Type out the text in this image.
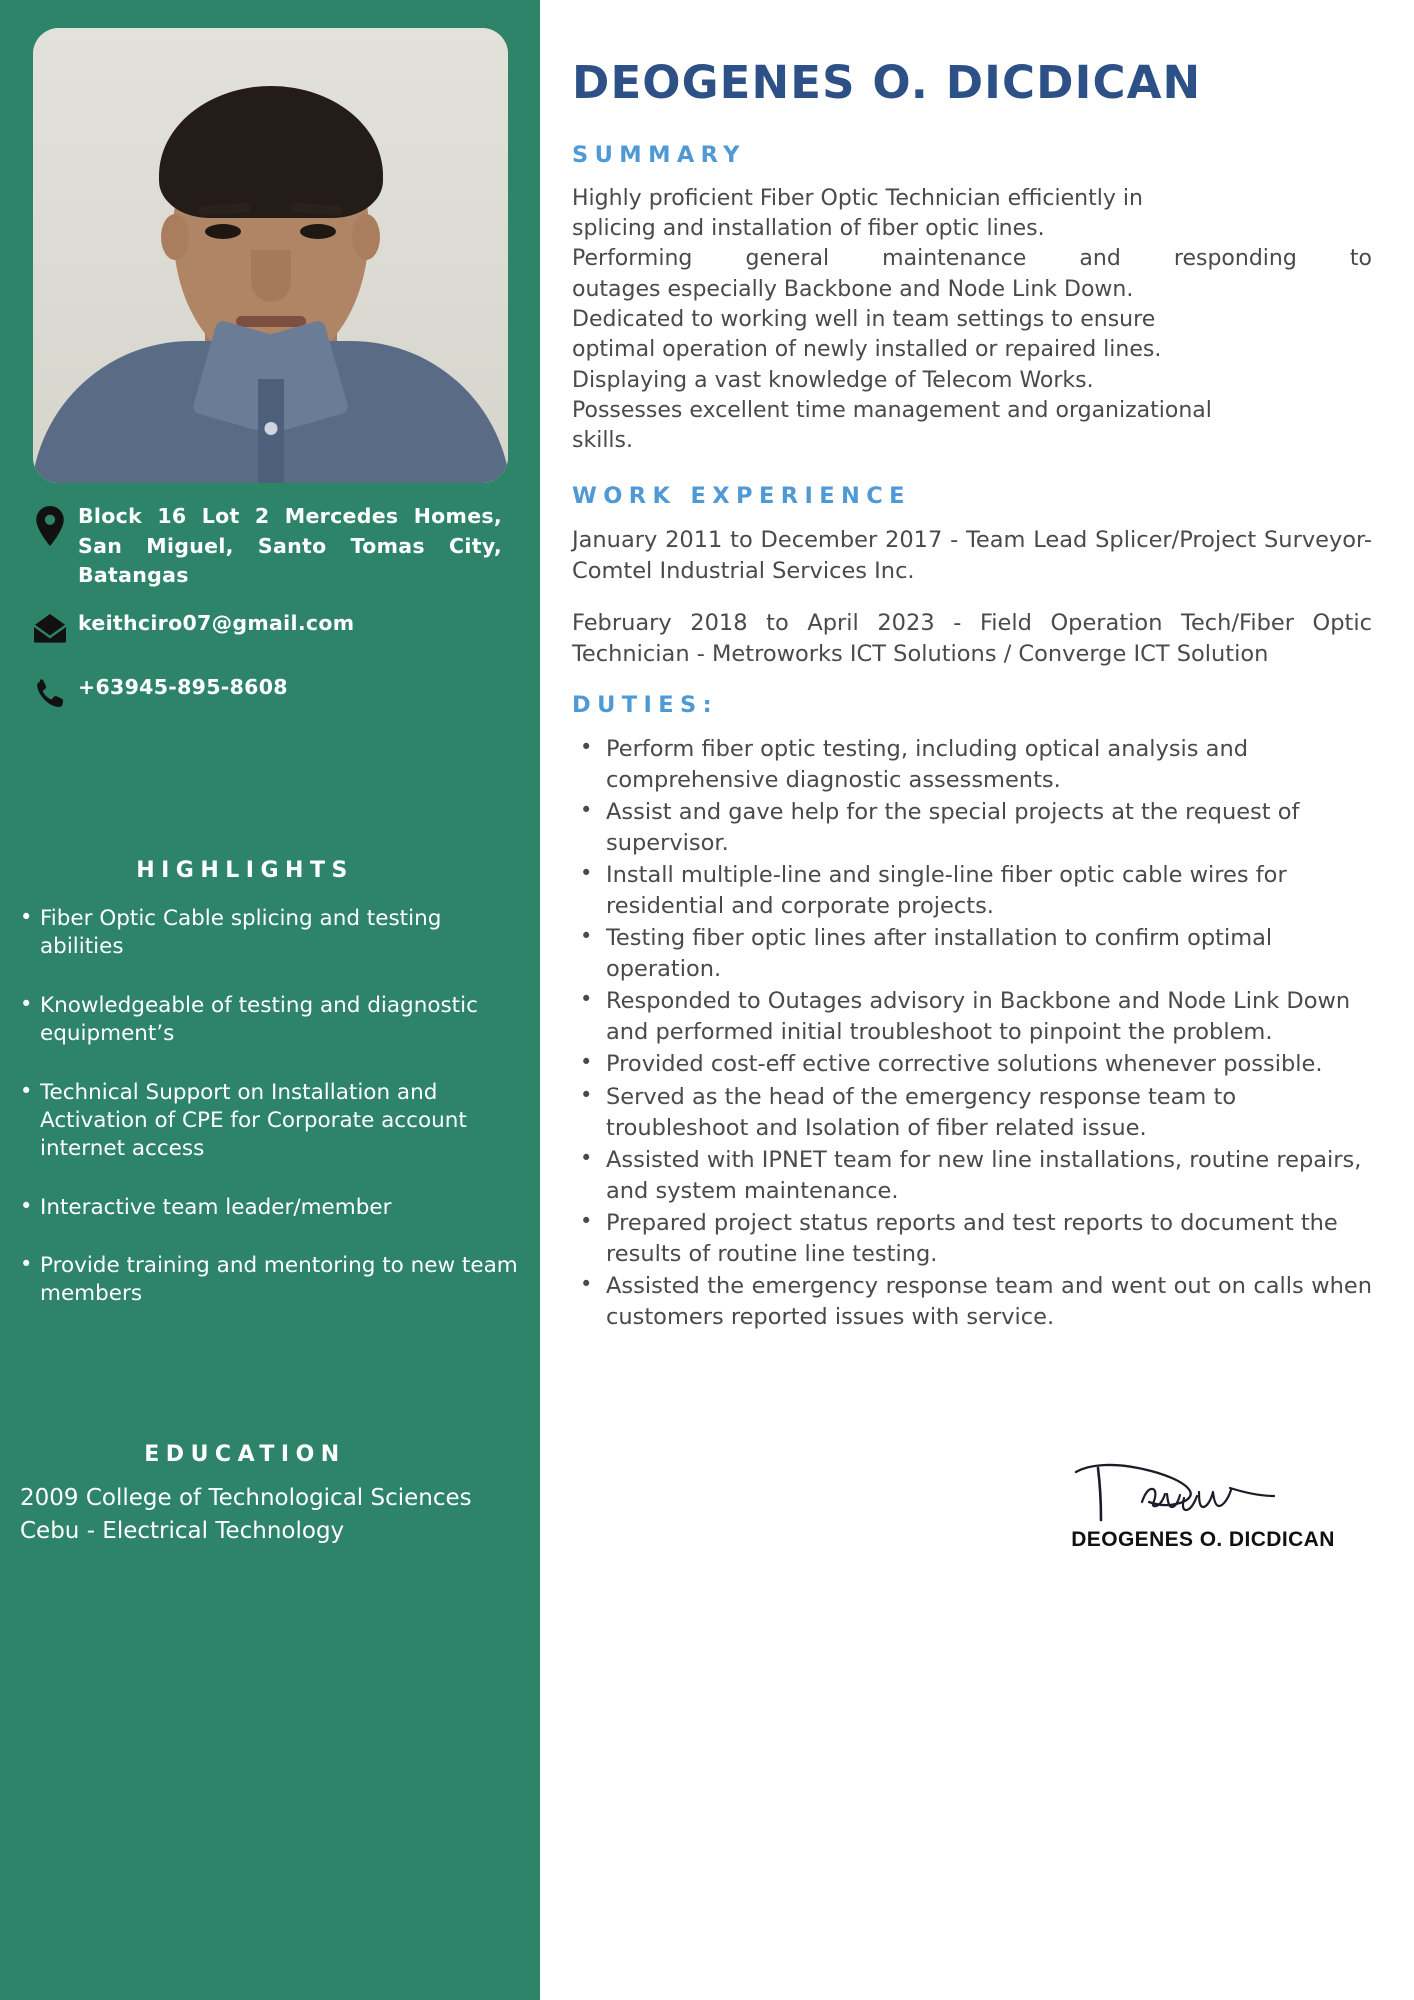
Block 16 Lot 2 Mercedes Homes, San Miguel, Santo Tomas City, Batangas
keithciro07@gmail.com
+63945-895-8608
HIGHLIGHTS
• Fiber Optic Cable splicing and testing abilities
• Knowledgeable of testing and diagnostic equipment’s
• Technical Support on Installation and Activation of CPE for Corporate account internet access
• Interactive team leader/member
• Provide training and mentoring to new team members
EDUCATION
2009 College of Technological Sciences Cebu - Electrical Technology
DEOGENES O. DICDICAN
SUMMARY
Highly proficient Fiber Optic Technician efficiently in
splicing and installation of fiber optic lines.
Performing general maintenance and responding to
outages especially Backbone and Node Link Down.
Dedicated to working well in team settings to ensure
optimal operation of newly installed or repaired lines.
Displaying a vast knowledge of Telecom Works.
Possesses excellent time management and organizational
skills.
WORK EXPERIENCE
January 2011 to December 2017 - Team Lead Splicer/Project Surveyor- Comtel Industrial Services Inc.
February 2018 to April 2023 - Field Operation Tech/Fiber Optic Technician - Metroworks ICT Solutions / Converge ICT Solution
DUTIES:
• Perform fiber optic testing, including optical analysis and comprehensive diagnostic assessments.
• Assist and gave help for the special projects at the request of supervisor.
• Install multiple-line and single-line fiber optic cable wires for residential and corporate projects.
• Testing fiber optic lines after installation to confirm optimal operation.
• Responded to Outages advisory in Backbone and Node Link Down and performed initial troubleshoot to pinpoint the problem.
• Provided cost-eff ective corrective solutions whenever possible.
• Served as the head of the emergency response team to troubleshoot and Isolation of fiber related issue.
• Assisted with IPNET team for new line installations, routine repairs, and system maintenance.
• Prepared project status reports and test reports to document the results of routine line testing.
• Assisted the emergency response team and went out on calls when customers reported issues with service.
DEOGENES O. DICDICAN
